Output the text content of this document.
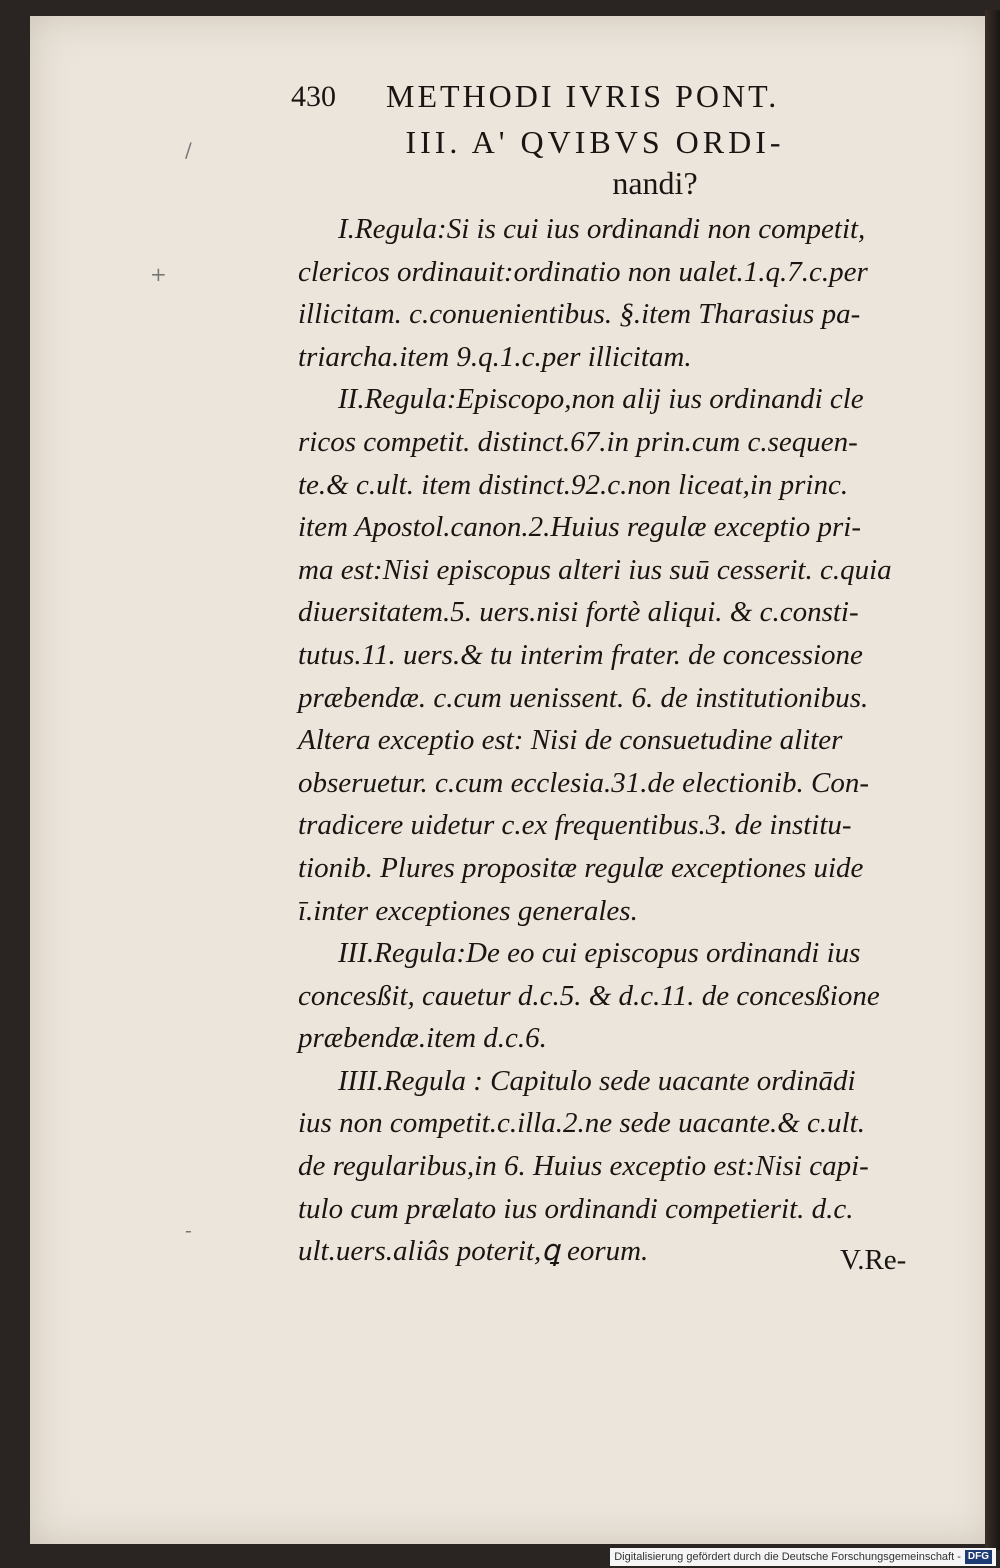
+
/
-
430 METHODI IVRIS PONT.
III. A' QVIBVS ORDI-
nandi?
I.Regula:Si is cui ius ordinandi non competit,
clericos ordinauit:ordinatio non ualet.1.q.7.c.per
illicitam. c.conuenientibus. §.item Tharasius pa-
triarcha.item 9.q.1.c.per illicitam.
II.Regula:Episcopo,non alij ius ordinandi cle
ricos competit. distinct.67.in prin.cum c.sequen-
te.& c.ult. item distinct.92.c.non liceat,in princ.
item Apostol.canon.2.Huius regulæ exceptio pri-
ma est:Nisi episcopus alteri ius suū cesserit. c.quia
diuersitatem.5. uers.nisi fortè aliqui. & c.consti-
tutus.11. uers.& tu interim frater. de concessione
præbendæ. c.cum uenissent. 6. de institutionibus.
Altera exceptio est: Nisi de consuetudine aliter
obseruetur. c.cum ecclesia.31.de electionib. Con-
tradicere uidetur c.ex frequentibus.3. de institu-
tionib. Plures propositæ regulæ exceptiones uide
ī.inter exceptiones generales.
III.Regula:De eo cui episcopus ordinandi ius
concesßit, cauetur d.c.5. & d.c.11. de concesßione
præbendæ.item d.c.6.
IIII.Regula : Capitulo sede uacante ordinādi
ius non competit.c.illa.2.ne sede uacante.& c.ult.
de regularibus,in 6. Huius exceptio est:Nisi capi-
tulo cum prælato ius ordinandi competierit. d.c.
ult.uers.aliâs poterit,ꝗ eorum.	V.Re-
Digitalisierung gefördert durch die Deutsche Forschungsgemeinschaft - DFG
